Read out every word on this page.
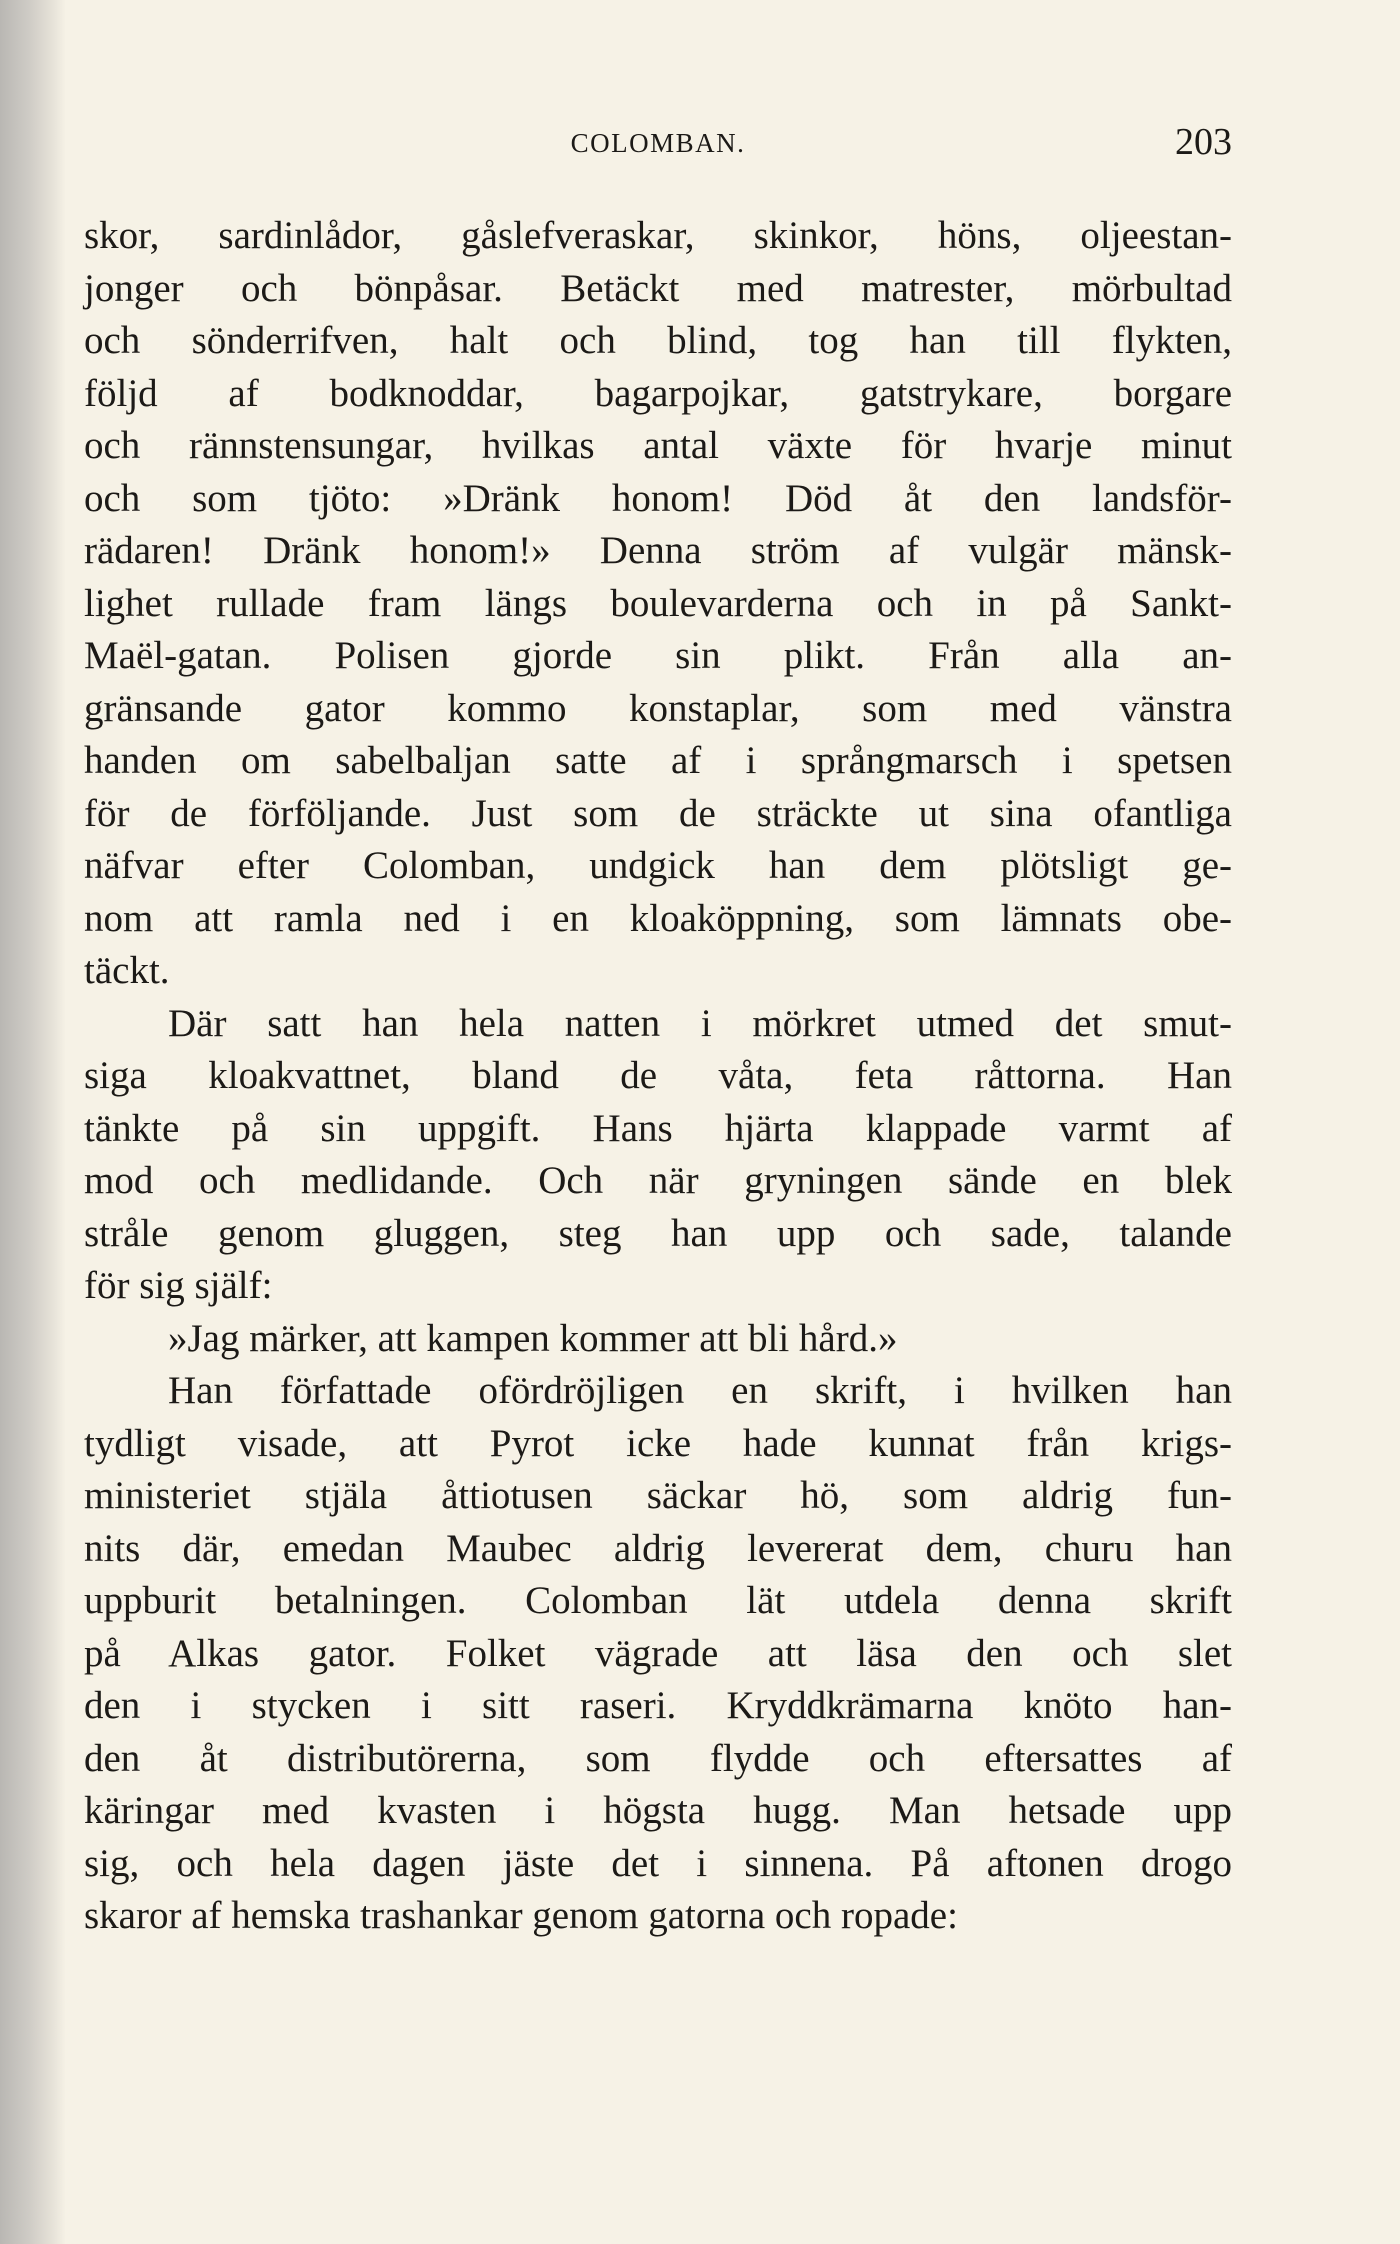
COLOMBAN.	203
skor, sardinlådor, gåslefveraskar, skinkor, höns, oljeestan-
jonger och bönpåsar. Betäckt med matrester, mörbultad
och sönderrifven, halt och blind, tog han till flykten,
följd af bodknoddar, bagarpojkar, gatstrykare, borgare
och rännstensungar, hvilkas antal växte för hvarje minut
och som tjöto: »Dränk honom! Död åt den landsför-
rädaren! Dränk honom!» Denna ström af vulgär mänsk-
lighet rullade fram längs boulevarderna och in på Sankt-
Maël-gatan. Polisen gjorde sin plikt. Från alla an-
gränsande gator kommo konstaplar, som med vänstra
handen om sabelbaljan satte af i språngmarsch i spetsen
för de förföljande. Just som de sträckte ut sina ofantliga
näfvar efter Colomban, undgick han dem plötsligt ge-
nom att ramla ned i en kloaköppning, som lämnats obe-
täckt.
Där satt han hela natten i mörkret utmed det smut-
siga kloakvattnet, bland de våta, feta råttorna. Han
tänkte på sin uppgift. Hans hjärta klappade varmt af
mod och medlidande. Och när gryningen sände en blek
stråle genom gluggen, steg han upp och sade, talande
för sig själf:
»Jag märker, att kampen kommer att bli hård.»
Han författade ofördröjligen en skrift, i hvilken han
tydligt visade, att Pyrot icke hade kunnat från krigs-
ministeriet stjäla åttiotusen säckar hö, som aldrig fun-
nits där, emedan Maubec aldrig levererat dem, churu han
uppburit betalningen. Colomban lät utdela denna skrift
på Alkas gator. Folket vägrade att läsa den och slet
den i stycken i sitt raseri. Kryddkrämarna knöto han-
den åt distributörerna, som flydde och eftersattes af
käringar med kvasten i högsta hugg. Man hetsade upp
sig, och hela dagen jäste det i sinnena. På aftonen drogo
skaror af hemska trashankar genom gatorna och ropade:
